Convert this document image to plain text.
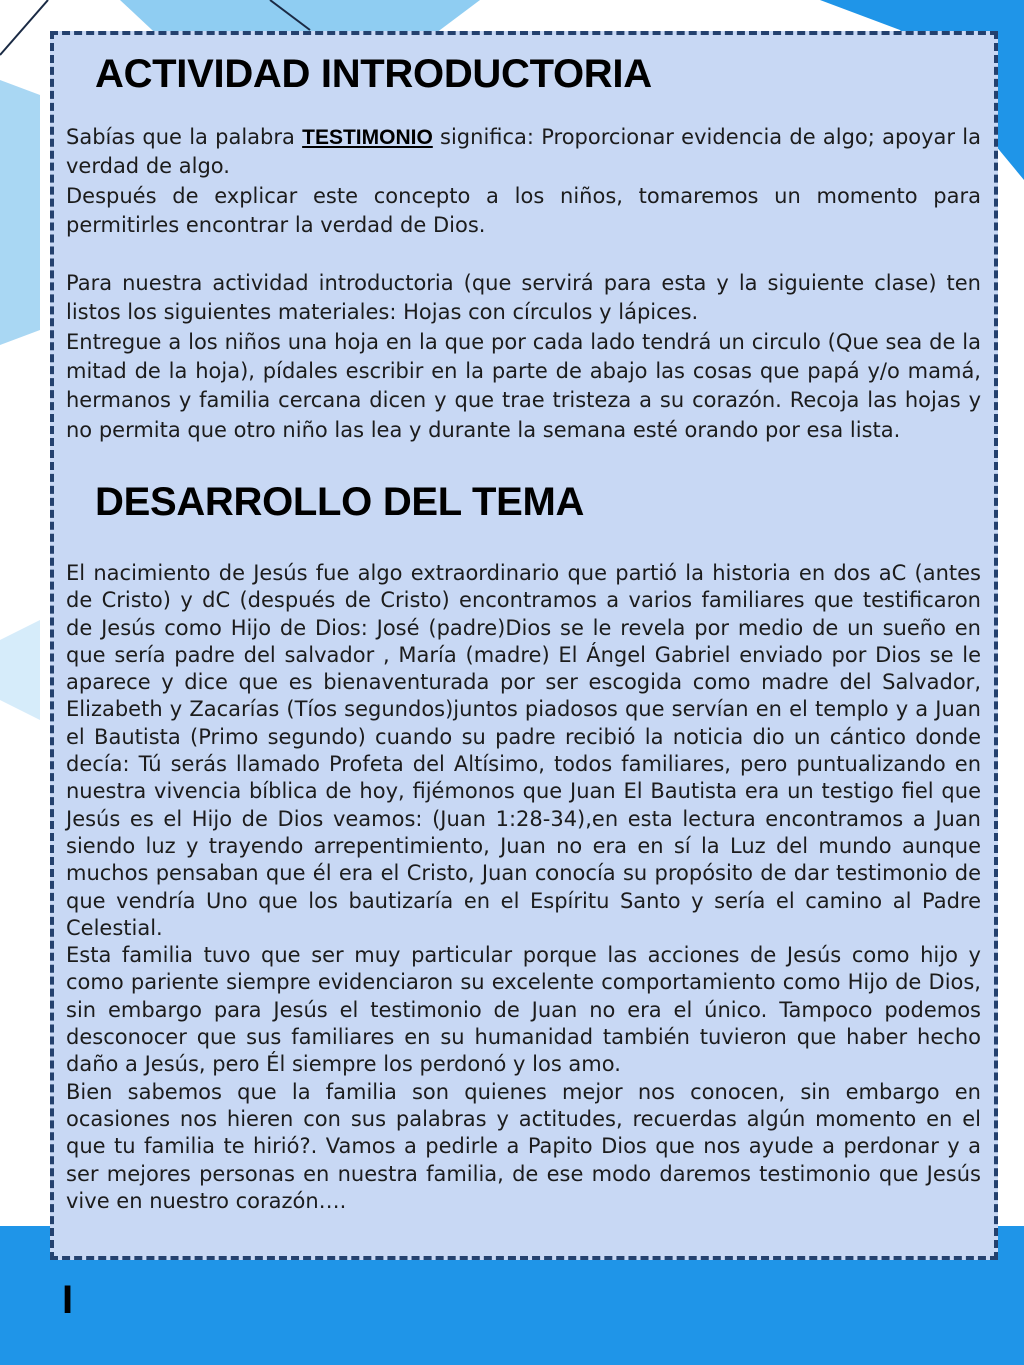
ACTIVIDAD INTRODUCTORIA
Sabías que la palabra TESTIMONIO significa: Proporcionar evidencia de algo; apoyar la verdad de algo.
Después de explicar este concepto a los niños, tomaremos un momento para permitirles encontrar la verdad de Dios.
Para nuestra actividad introductoria (que servirá para esta y la siguiente clase) ten listos los siguientes materiales: Hojas con círculos y lápices.
Entregue a los niños una hoja en la que por cada lado tendrá un circulo (Que sea de la mitad de la hoja), pídales escribir en la parte de abajo las cosas que papá y/o mamá, hermanos y familia cercana dicen y que trae tristeza a su corazón. Recoja las hojas y no permita que otro niño las lea y durante la semana esté orando por esa lista.
DESARROLLO DEL TEMA
El nacimiento de Jesús fue algo extraordinario que partió la historia en dos aC (antes de Cristo) y dC (después de Cristo) encontramos a varios familiares que testificaron de Jesús como Hijo de Dios: José (padre)Dios se le revela por medio de un sueño en que sería padre del salvador , María (madre) El Ángel Gabriel enviado por Dios se le aparece y dice que es bienaventurada por ser escogida como madre del Salvador, Elizabeth y Zacarías (Tíos segundos)juntos piadosos que servían en el templo y a Juan el Bautista (Primo segundo) cuando su padre recibió la noticia dio un cántico donde decía: Tú serás llamado Profeta del Altísimo, todos familiares, pero puntualizando en nuestra vivencia bíblica de hoy, fijémonos que Juan El Bautista era un testigo fiel que Jesús es el Hijo de Dios veamos: (Juan 1:28-34),en esta lectura encontramos a Juan siendo luz y trayendo arrepentimiento, Juan no era en sí la Luz del mundo aunque muchos pensaban que él era el Cristo, Juan conocía su propósito de dar testimonio de que vendría Uno que los bautizaría en el Espíritu Santo y sería el camino al Padre Celestial.
Esta familia tuvo que ser muy particular porque las acciones de Jesús como hijo y como pariente siempre evidenciaron su excelente comportamiento como Hijo de Dios, sin embargo para Jesús el testimonio de Juan no era el único. Tampoco podemos desconocer que sus familiares en su humanidad también tuvieron que haber hecho daño a Jesús, pero Él siempre los perdonó y los amo.
Bien sabemos que la familia son quienes mejor nos conocen, sin embargo en ocasiones nos hieren con sus palabras y actitudes, recuerdas algún momento en el que tu familia te hirió?. Vamos a pedirle a Papito Dios que nos ayude a perdonar y a ser mejores personas en nuestra familia, de ese modo daremos testimonio que Jesús vive en nuestro corazón….
I
